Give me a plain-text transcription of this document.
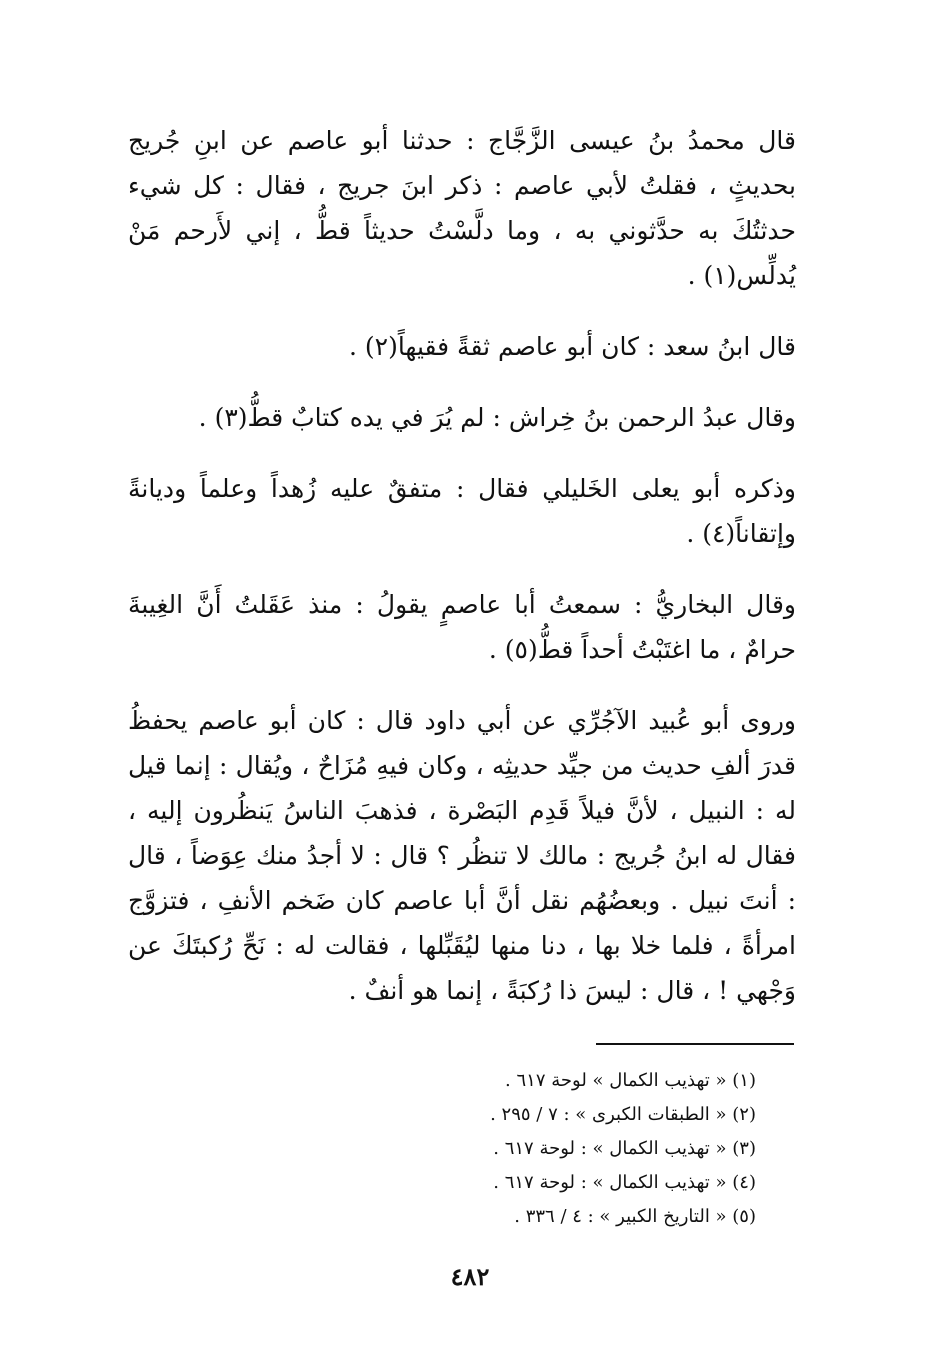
قال محمدُ بنُ عيسى الزَّجَّاج : حدثنا أبو عاصم عن ابنِ جُريج بحديثٍ ، فقلتُ لأبي عاصم : ذكر ابنَ جريج ، فقال : كل شيء حدثتُكَ به حدَّثوني به ، وما دلَّسْتُ حديثاً قطُّ ، إني لأَرحم مَنْ يُدلِّس(١) .

قال ابنُ سعد : كان أبو عاصم ثقةً فقيهاً(٢) .

وقال عبدُ الرحمن بنُ خِراش : لم يُرَ في يده كتابٌ قطُّ(٣) .

وذكره أبو يعلى الخَليلي فقال : متفقٌ عليه زُهداً وعلماً وديانةً وإتقاناً(٤) .

وقال البخاريُّ : سمعتُ أبا عاصمٍ يقولُ : منذ عَقَلتُ أَنَّ الغِيبةَ حرامٌ ، ما اغتَبْتُ أحداً قطُّ(٥) .

وروى أبو عُبيد الآجُرِّي عن أبي داود قال : كان أبو عاصم يحفظُ قدرَ ألفِ حديث من جيِّد حديثِه ، وكان فيهِ مُزَاحٌ ، ويُقال : إنما قيل له : النبيل ، لأنَّ فيلاً قَدِم البَصْرة ، فذهبَ الناسُ يَنظُرون إليه ، فقال له ابنُ جُريج : مالك لا تنظُر ؟ قال : لا أجدُ منك عِوَضاً ، قال : أنتَ نبيل . وبعضُهُم نقل أنَّ أبا عاصم كان ضَخم الأنفِ ، فتزوَّج امرأةً ، فلما خلا بها ، دنا منها ليُقَبِّلها ، فقالت له : نَحِّ رُكبتَكَ عن وَجْهي ! ، قال : ليسَ ذا رُكبَةً ، إنما هو أنفٌ .

(١) « تهذيب الكمال » لوحة ٦١٧ .

(٢) « الطبقات الكبرى » : ٧ / ٢٩٥ .

(٣) « تهذيب الكمال » : لوحة ٦١٧ .

(٤) « تهذيب الكمال » : لوحة ٦١٧ .

(٥) « التاريخ الكبير » : ٤ / ٣٣٦ .

٤٨٢
